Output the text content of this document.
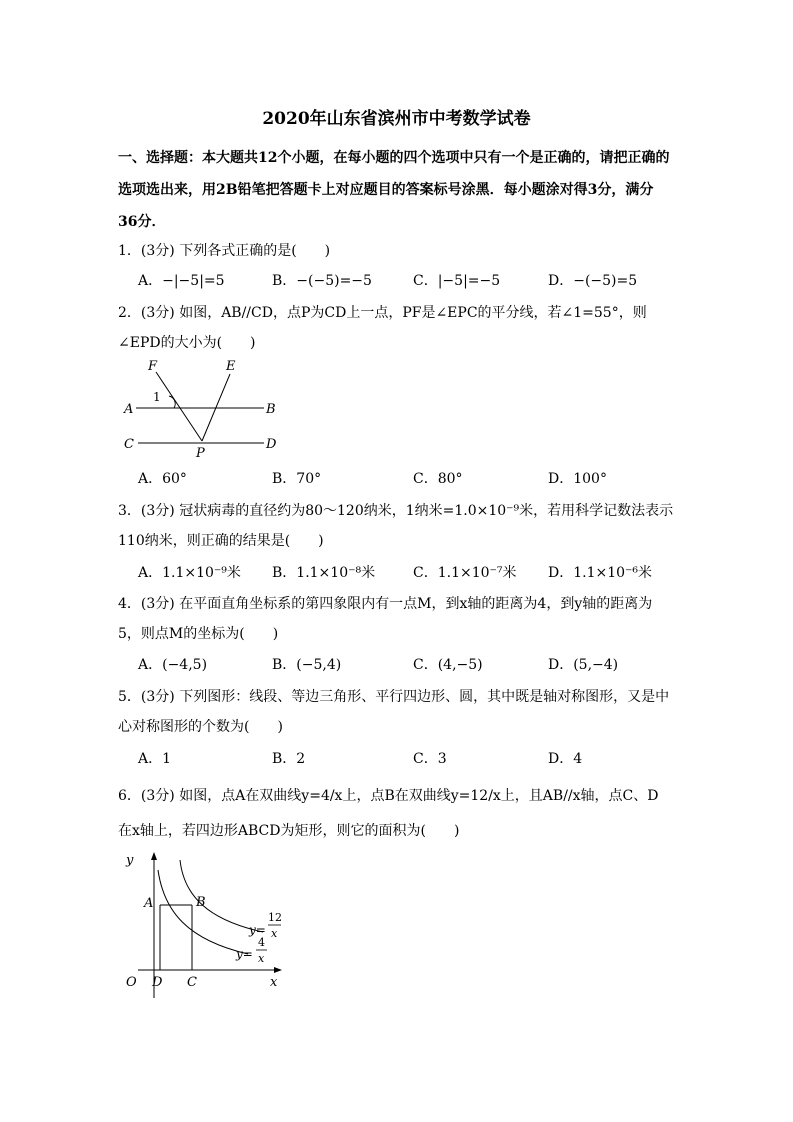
2020年山东省滨州市中考数学试卷
一、选择题：本大题共12个小题，在每小题的四个选项中只有一个是正确的，请把正确的
选项选出来，用2B铅笔把答题卡上对应题目的答案标号涂黑．每小题涂对得3分，满分
36分．
1．(3分) 下列各式正确的是(　　)
A．−|−5|=5	B．−(−5)=−5	C．|−5|=−5	D．−(−5)=5
2．(3分) 如图，AB//CD，点P为CD上一点，PF是∠EPC的平分线，若∠1=55°，则
∠EPD的大小为(　　)
F	E
A	B
C	D
P
1
A．60°	B．70°	C．80°	D．100°
3．(3分) 冠状病毒的直径约为80～120纳米，1纳米=1.0×10⁻⁹米，若用科学记数法表示
110纳米，则正确的结果是(　　)
A．1.1×10⁻⁹米 B．1.1×10⁻⁸米	C．1.1×10⁻⁷米 D．1.1×10⁻⁶米
4．(3分) 在平面直角坐标系的第四象限内有一点M，到x轴的距离为4，到y轴的距离为
5，则点M的坐标为(　　)
A．(−4,5)	B．(−5,4)	C．(4,−5)	D．(5,−4)
5．(3分) 下列图形：线段、等边三角形、平行四边形、圆，其中既是轴对称图形，又是中
心对称图形的个数为(　　)
A．1	B．2	C．3	D．4
6．(3分) 如图，点A在双曲线y=4/x上，点B在双曲线y=12/x上，且AB//x轴，点C、D
在x轴上，若四边形ABCD为矩形，则它的面积为(　　)
y
x
O D C
A	B
y=
12
x
y=
4
x
